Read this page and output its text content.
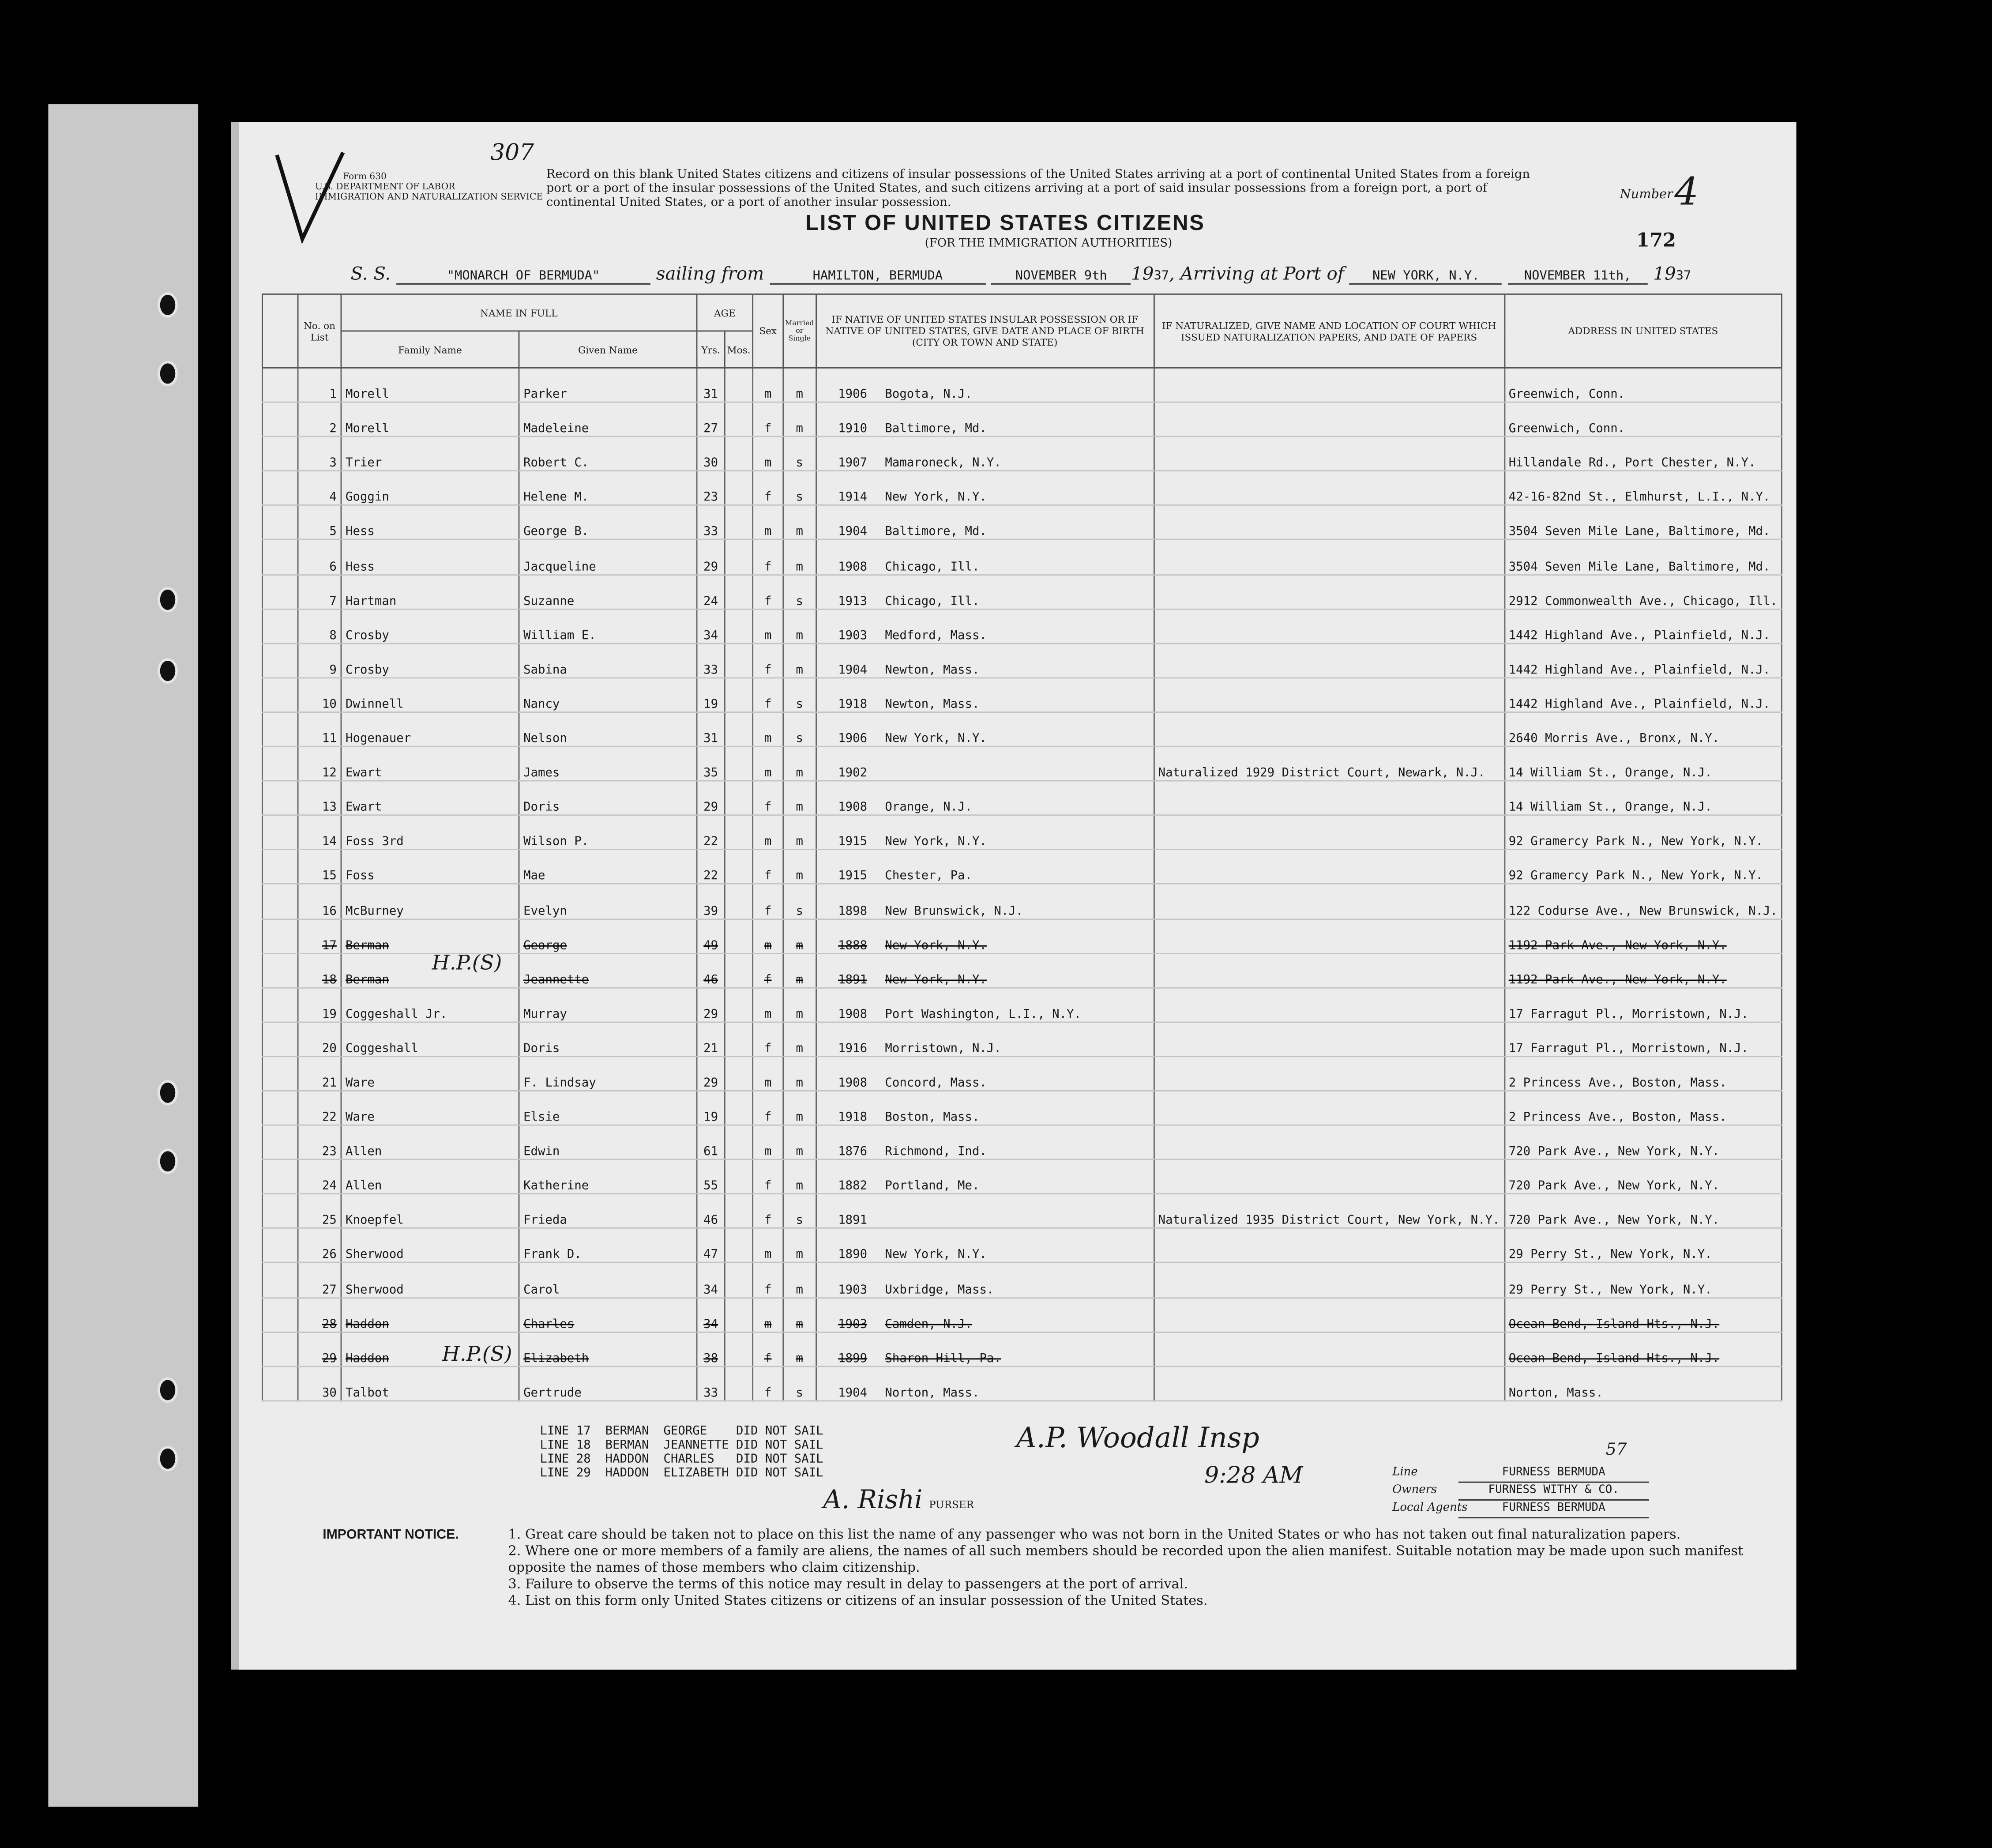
Form 630
U.S. DEPARTMENT OF LABOR
IMMIGRATION AND NATURALIZATION SERVICE
307
Record on this blank United States citizens and citizens of insular possessions of the United States arriving at a port of continental United States from a foreign port or a port of the insular possessions of the United States, and such citizens arriving at a port of said insular possessions from a foreign port, a port of continental United States, or a port of another insular possession.
Number 4
LIST OF UNITED STATES CITIZENS
(FOR THE IMMIGRATION AUTHORITIES)	172
S. S.	"MONARCH OF BERMUDA"	sailing from	HAMILTON, BERMUDA	NOVEMBER 9th	1937, Arriving at Port of	NEW YORK, N.Y.	NOVEMBER 11th,	1937
	No. on List	NAME IN FULL		AGE		Sex	Married or Single	IF NATIVE OF UNITED STATES INSULAR POSSESSION OR IF NATIVE OF UNITED STATES, GIVE DATE AND PLACE OF BIRTH (CITY OR TOWN AND STATE)	IF NATURALIZED, GIVE NAME AND LOCATION OF COURT WHICH ISSUED NATURALIZATION PAPERS, AND DATE OF PAPERS	ADDRESS IN UNITED STATES
		Family Name	Given Name	Yrs.	Mos.					
	1	Morell	Parker	31		m	m	1906 Bogota, N.J.		Greenwich, Conn.
	2	Morell	Madeleine	27		f	m	1910 Baltimore, Md.		Greenwich, Conn.
	3	Trier	Robert C.	30		m	s	1907 Mamaroneck, N.Y.		Hillandale Rd., Port Chester, N.Y.
	4	Goggin	Helene M.	23		f	s	1914 New York, N.Y.		42-16-82nd St., Elmhurst, L.I., N.Y.
	5	Hess	George B.	33		m	m	1904 Baltimore, Md.		3504 Seven Mile Lane, Baltimore, Md.
	6	Hess	Jacqueline	29		f	m	1908 Chicago, Ill.		3504 Seven Mile Lane, Baltimore, Md.
	7	Hartman	Suzanne	24		f	s	1913 Chicago, Ill.		2912 Commonwealth Ave., Chicago, Ill.
	8	Crosby	William E.	34		m	m	1903 Medford, Mass.		1442 Highland Ave., Plainfield, N.J.
	9	Crosby	Sabina	33		f	m	1904 Newton, Mass.		1442 Highland Ave., Plainfield, N.J.
	10	Dwinnell	Nancy	19		f	s	1918 Newton, Mass.		1442 Highland Ave., Plainfield, N.J.
	11	Hogenauer	Nelson	31		m	s	1906 New York, N.Y.		2640 Morris Ave., Bronx, N.Y.
	12	Ewart	James	35		m	m	1902	Naturalized 1929 District Court, Newark, N.J.	14 William St., Orange, N.J.
	13	Ewart	Doris	29		f	m	1908 Orange, N.J.		14 William St., Orange, N.J.
	14	Foss 3rd	Wilson P.	22		m	m	1915 New York, N.Y.		92 Gramercy Park N., New York, N.Y.
	15	Foss	Mae	22		f	m	1915 Chester, Pa.		92 Gramercy Park N., New York, N.Y.
	16	McBurney	Evelyn	39		f	s	1898 New Brunswick, N.J.		122 Codurse Ave., New Brunswick, N.J.
	17	Berman	George	49		m	m	1888 New York, N.Y.		1192 Park Ave., New York, N.Y.
	18	Berman	Jeannette	46		f	m	1891 New York, N.Y.		1192 Park Ave., New York, N.Y.
	19	Coggeshall Jr.	Murray	29		m	m	1908 Port Washington, L.I., N.Y.		17 Farragut Pl., Morristown, N.J.
	20	Coggeshall	Doris	21		f	m	1916 Morristown, N.J.		17 Farragut Pl., Morristown, N.J.
	21	Ware	F. Lindsay	29		m	m	1908 Concord, Mass.		2 Princess Ave., Boston, Mass.
	22	Ware	Elsie	19		f	m	1918 Boston, Mass.		2 Princess Ave., Boston, Mass.
	23	Allen	Edwin	61		m	m	1876 Richmond, Ind.		720 Park Ave., New York, N.Y.
	24	Allen	Katherine	55		f	m	1882 Portland, Me.		720 Park Ave., New York, N.Y.
	25	Knoepfel	Frieda	46		f	s	1891	Naturalized 1935 District Court, New York, N.Y.	720 Park Ave., New York, N.Y.
	26	Sherwood	Frank D.	47		m	m	1890 New York, N.Y.		29 Perry St., New York, N.Y.
	27	Sherwood	Carol	34		f	m	1903 Uxbridge, Mass.		29 Perry St., New York, N.Y.
	28	Haddon	Charles	34		m	m	1903 Camden, N.J.		Ocean Bend, Island Hts., N.J.
	29	Haddon	Elizabeth	38		f	m	1899 Sharon Hill, Pa.		Ocean Bend, Island Hts., N.J.
	30	Talbot	Gertrude	33		f	s	1904 Norton, Mass.		Norton, Mass.
H.P.(S)
H.P.(S)
LINE 17  BERMAN  GEORGE    DID NOT SAIL
LINE 18  BERMAN  JEANNETTE DID NOT SAIL
LINE 28  HADDON  CHARLES   DID NOT SAIL
LINE 29  HADDON  ELIZABETH DID NOT SAIL
A.P. Woodall Insp
9:28 AM
57
A. Rishi PURSER
Line	FURNESS BERMUDA
Owners	FURNESS WITHY & CO.
Local Agents	FURNESS BERMUDA
IMPORTANT NOTICE.	1. Great care should be taken not to place on this list the name of any passenger who was not born in the United States or who has not taken out final naturalization papers.
2. Where one or more members of a family are aliens, the names of all such members should be recorded upon the alien manifest. Suitable notation may be made upon such manifest opposite the names of those members who claim citizenship.
3. Failure to observe the terms of this notice may result in delay to passengers at the port of arrival.
4. List on this form only United States citizens or citizens of an insular possession of the United States.
